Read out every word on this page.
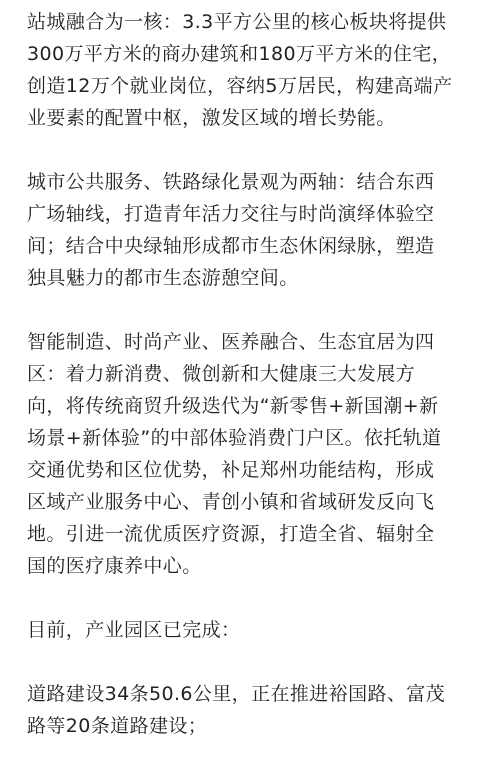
站城融合为一核：3.3平方公里的核心板块将提供
300万平方米的商办建筑和180万平方米的住宅，
创造12万个就业岗位，容纳5万居民，构建高端产
业要素的配置中枢，激发区域的增长势能。

城市公共服务、铁路绿化景观为两轴：结合东西
广场轴线，打造青年活力交往与时尚演绎体验空
间；结合中央绿轴形成都市生态休闲绿脉，塑造
独具魅力的都市生态游憩空间。

智能制造、时尚产业、医养融合、生态宜居为四
区：着力新消费、微创新和大健康三大发展方
向，将传统商贸升级迭代为“新零售+新国潮+新
场景+新体验”的中部体验消费门户区。依托轨道
交通优势和区位优势，补足郑州功能结构，形成
区域产业服务中心、青创小镇和省域研发反向飞
地。引进一流优质医疗资源，打造全省、辐射全
国的医疗康养中心。

目前，产业园区已完成：

道路建设34条50.6公里，正在推进裕国路、富茂
路等20条道路建设；
